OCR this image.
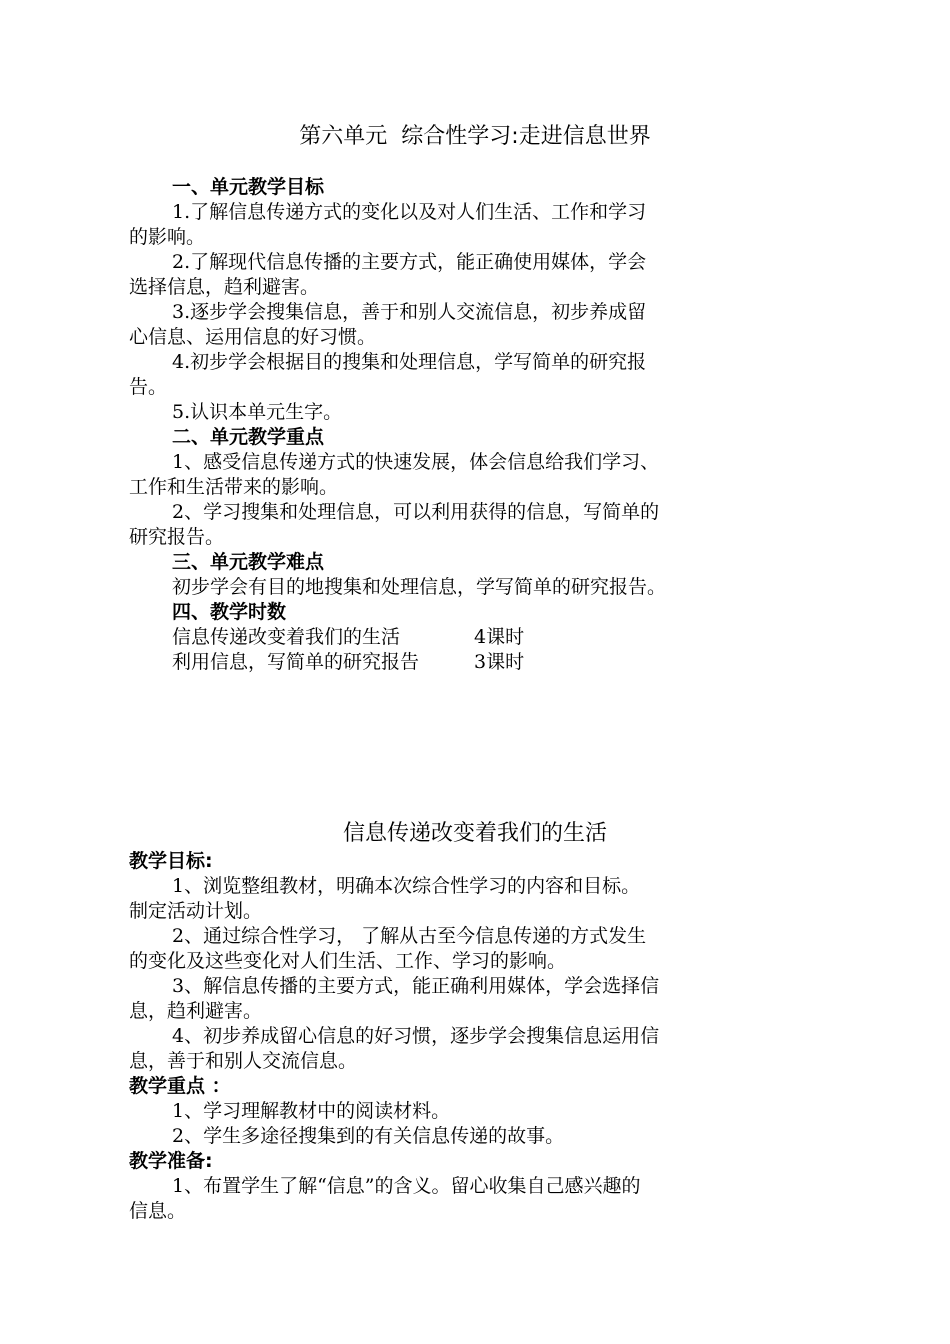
第六单元  综合性学习:走进信息世界
一、单元教学目标
1.了解信息传递方式的变化以及对人们生活、工作和学习
的影响。
2.了解现代信息传播的主要方式，能正确使用媒体，学会
选择信息，趋利避害。
3.逐步学会搜集信息，善于和别人交流信息，初步养成留
心信息、运用信息的好习惯。
4.初步学会根据目的搜集和处理信息，学写简单的研究报
告。
5.认识本单元生字。
二、单元教学重点
1、感受信息传递方式的快速发展，体会信息给我们学习、
工作和生活带来的影响。
2、学习搜集和处理信息，可以利用获得的信息，写简单的
研究报告。
三、单元教学难点
初步学会有目的地搜集和处理信息，学写简单的研究报告。
四、教学时数
信息传递改变着我们的生活	4课时
利用信息，写简单的研究报告	3课时
信息传递改变着我们的生活
教学目标:
1、浏览整组教材，明确本次综合性学习的内容和目标。
制定活动计划。
2、通过综合性学习， 了解从古至今信息传递的方式发生
的变化及这些变化对人们生活、工作、学习的影响。
3、解信息传播的主要方式，能正确利用媒体，学会选择信
息，趋利避害。
4、初步养成留心信息的好习惯，逐步学会搜集信息运用信
息，善于和别人交流信息。
教学重点 ：
1、学习理解教材中的阅读材料。
2、学生多途径搜集到的有关信息传递的故事。
教学准备:
1、布置学生了解“信息”的含义。留心收集自己感兴趣的
信息。
